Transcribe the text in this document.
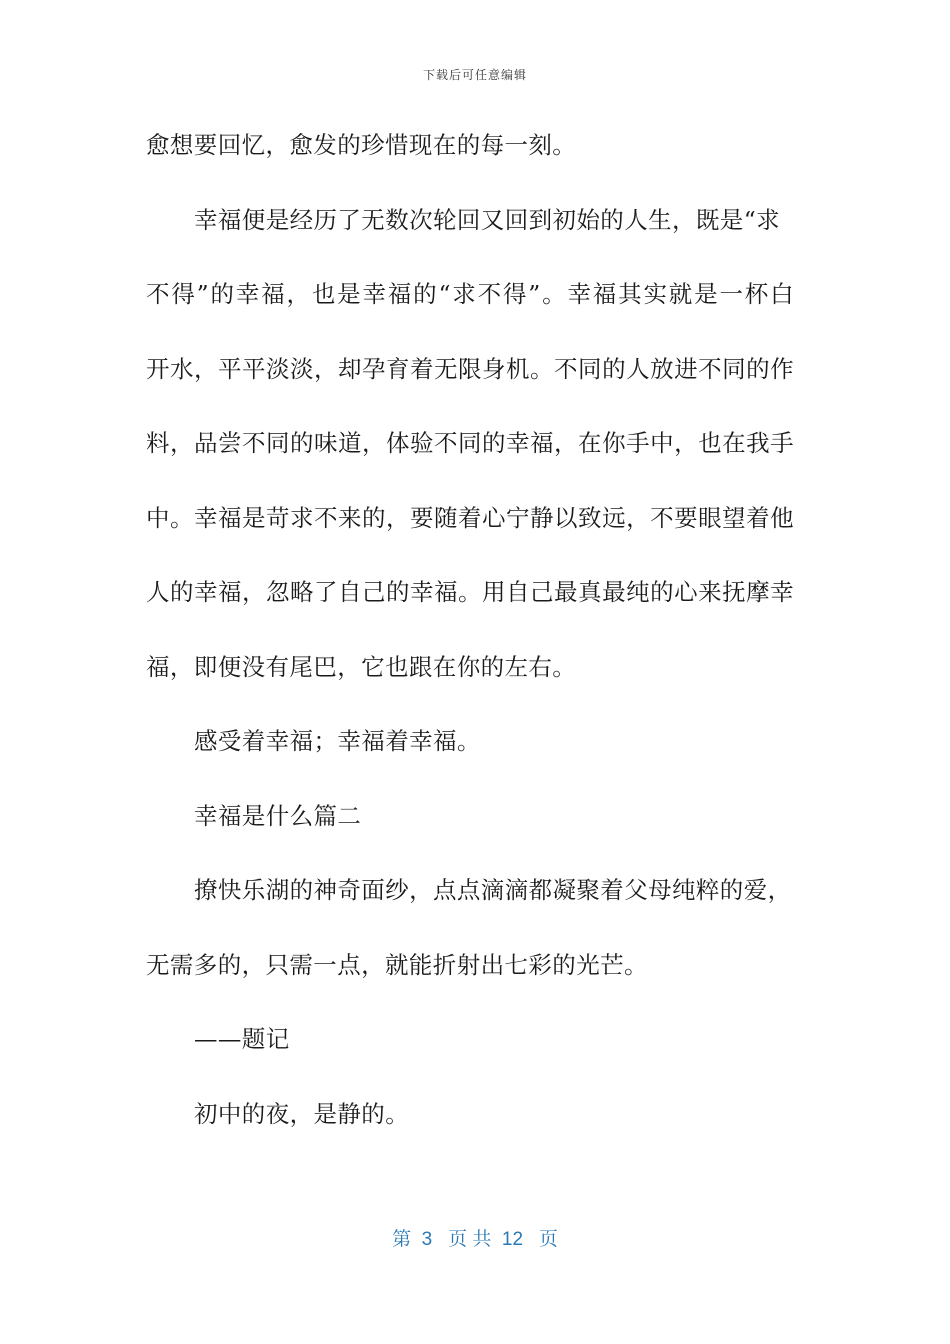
下载后可任意编辑
愈想要回忆，愈发的珍惜现在的每一刻。
幸福便是经历了无数次轮回又回到初始的人生，既是“求
不得”的幸福，也是幸福的“求不得”。幸福其实就是一杯白
开水，平平淡淡，却孕育着无限身机。不同的人放进不同的作
料，品尝不同的味道，体验不同的幸福，在你手中，也在我手
中。幸福是苛求不来的，要随着心宁静以致远，不要眼望着他
人的幸福，忽略了自己的幸福。用自己最真最纯的心来抚摩幸
福，即便没有尾巴，它也跟在你的左右。
感受着幸福；幸福着幸福。
幸福是什么篇二
撩快乐湖的神奇面纱，点点滴滴都凝聚着父母纯粹的爱，
无需多的，只需一点，就能折射出七彩的光芒。
——题记
初中的夜，是静的。
第  3   页 共  12   页
